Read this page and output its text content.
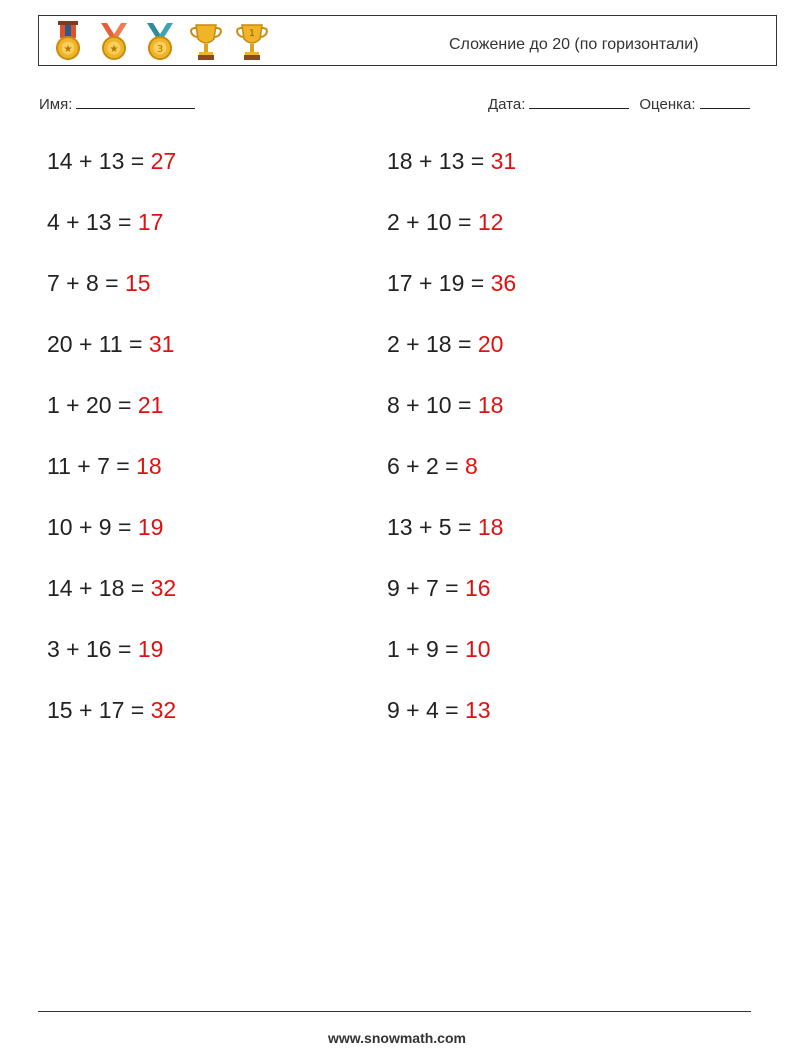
★	★	3
1
Сложение до 20 (по горизонтали)
Имя:	Дата:	Оценка:
14 + 13 = 27
4 + 13 = 17
7 + 8 = 15
20 + 11 = 31
1 + 20 = 21
11 + 7 = 18
10 + 9 = 19
14 + 18 = 32
3 + 16 = 19
15 + 17 = 32
18 + 13 = 31
2 + 10 = 12
17 + 19 = 36
2 + 18 = 20
8 + 10 = 18
6 + 2 = 8
13 + 5 = 18
9 + 7 = 16
1 + 9 = 10
9 + 4 = 13
www.snowmath.com
